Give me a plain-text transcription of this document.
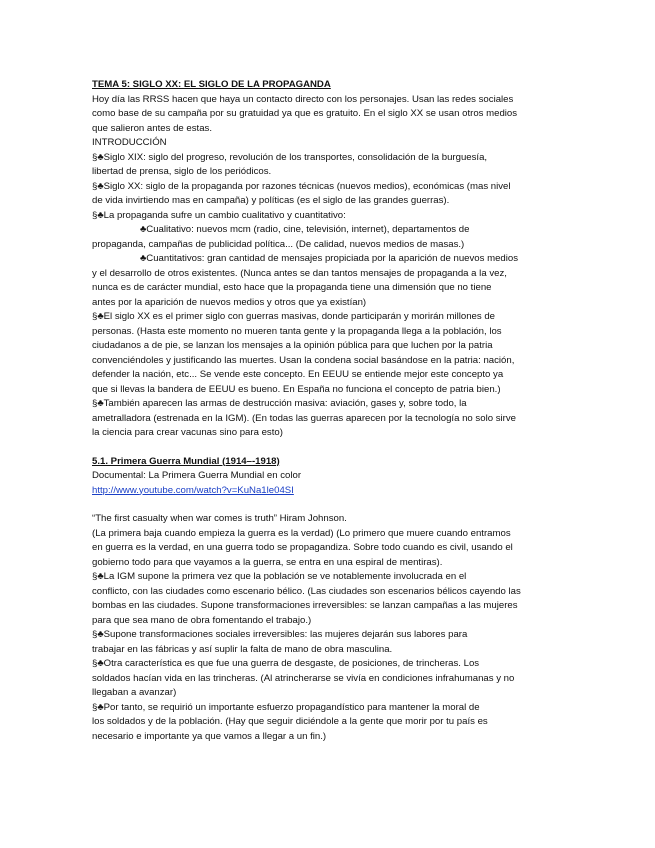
TEMA 5: SIGLO XX: EL SIGLO DE LA PROPAGANDA
Hoy día las RRSS hacen que haya un contacto directo con los personajes. Usan las redes sociales
como base de su campaña por su gratuidad ya que es gratuito. En el siglo XX se usan otros medios
que salieron antes de estas.
INTRODUCCIÓN
§♣Siglo XIX: siglo del progreso, revolución de los transportes, consolidación de la burguesía,
libertad de prensa, siglo de los periódicos.
§♣Siglo XX: siglo de la propaganda por razones técnicas (nuevos medios), económicas (mas nivel
de vida invirtiendo mas en campaña) y políticas (es el siglo de las grandes guerras).
§♣La propaganda sufre un cambio cualitativo y cuantitativo:
♣Cualitativo: nuevos mcm (radio, cine, televisión, internet), departamentos de
propaganda, campañas de publicidad política... (De calidad, nuevos medios de masas.)
♣Cuantitativos: gran cantidad de mensajes propiciada por la aparición de nuevos medios
y el desarrollo de otros existentes. (Nunca antes se dan tantos mensajes de propaganda a la vez,
nunca es de carácter mundial, esto hace que la propaganda tiene una dimensión que no tiene
antes por la aparición de nuevos medios y otros que ya existían)
§♣El siglo XX es el primer siglo con guerras masivas, donde participarán y morirán millones de
personas. (Hasta este momento no mueren tanta gente y la propaganda llega a la población, los
ciudadanos a de pie, se lanzan los mensajes a la opinión pública para que luchen por la patria
convenciéndoles y justificando las muertes. Usan la condena social basándose en la patria: nación,
defender la nación, etc... Se vende este concepto. En EEUU se entiende mejor este concepto ya
que si llevas la bandera de EEUU es bueno. En España no funciona el concepto de patria bien.)
§♣También aparecen las armas de destrucción masiva: aviación, gases y, sobre todo, la
ametralladora (estrenada en la IGM). (En todas las guerras aparecen por la tecnología no solo sirve
la ciencia para crear vacunas sino para esto)
5.1. Primera Guerra Mundial (1914–-1918)
Documental: La Primera Guerra Mundial en color
http://www.youtube.com/watch?v=KuNa1le04SI
“The first casualty when war comes is truth” Hiram Johnson.
(La primera baja cuando empieza la guerra es la verdad) (Lo primero que muere cuando entramos
en guerra es la verdad, en una guerra todo se propagandiza. Sobre todo cuando es civil, usando el
gobierno todo para que vayamos a la guerra, se entra en una espiral de mentiras).
§♣La IGM supone la primera vez que la población se ve notablemente involucrada en el
conflicto, con las ciudades como escenario bélico. (Las ciudades son escenarios bélicos cayendo las
bombas en las ciudades. Supone transformaciones irreversibles: se lanzan campañas a las mujeres
para que sea mano de obra fomentando el trabajo.)
§♣Supone transformaciones sociales irreversibles: las mujeres dejarán sus labores para
trabajar en las fábricas y así suplir la falta de mano de obra masculina.
§♣Otra característica es que fue una guerra de desgaste, de posiciones, de trincheras. Los
soldados hacían vida en las trincheras. (Al atrincherarse se vivía en condiciones infrahumanas y no
llegaban a avanzar)
§♣Por tanto, se requirió un importante esfuerzo propagandístico para mantener la moral de
los soldados y de la población. (Hay que seguir diciéndole a la gente que morir por tu país es
necesario e importante ya que vamos a llegar a un fin.)
